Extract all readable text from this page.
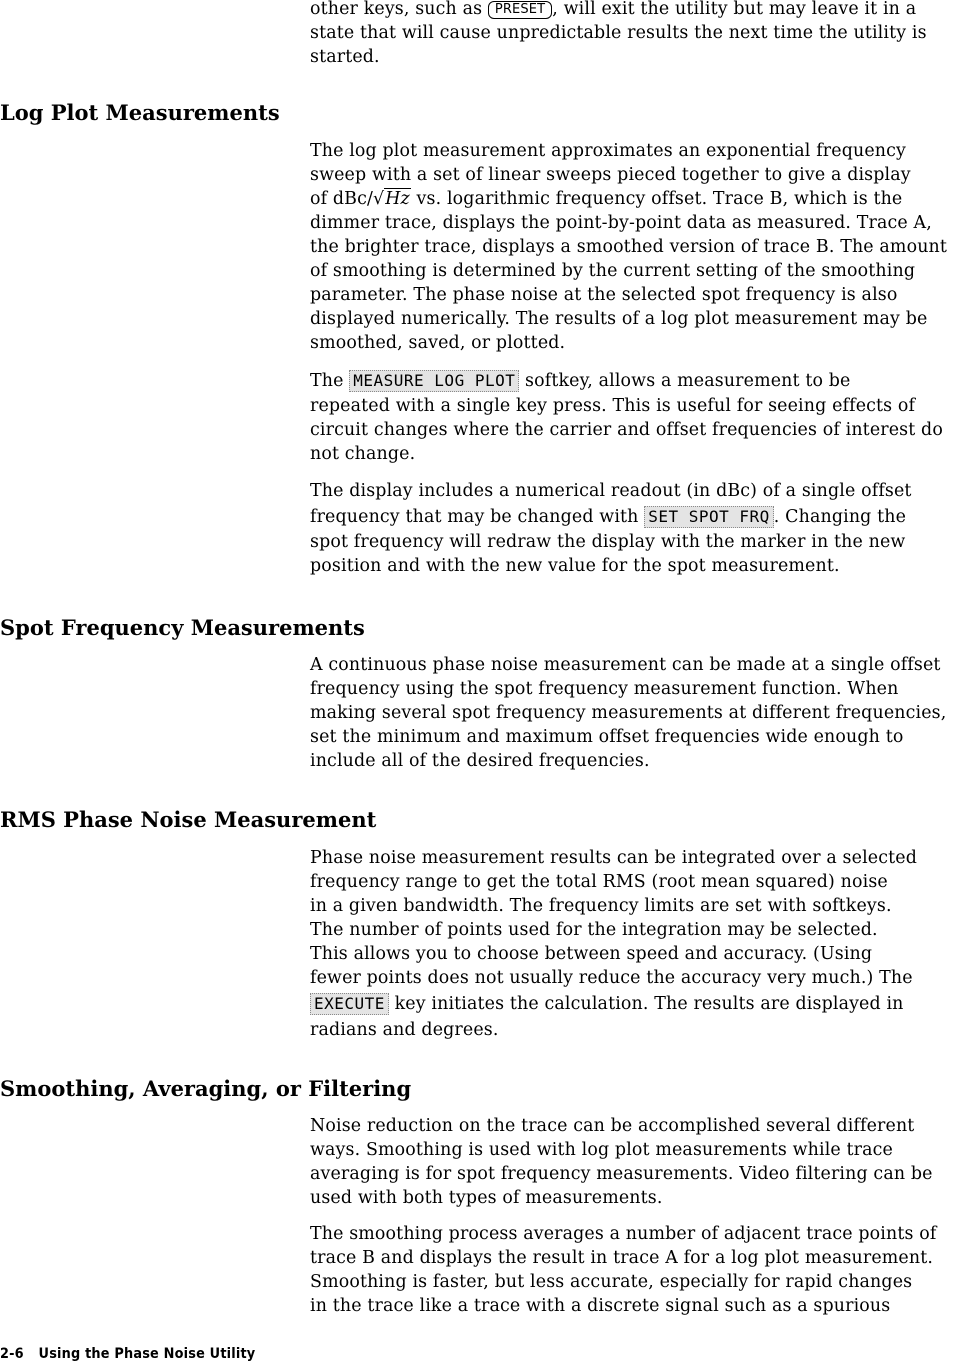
other keys, such as PRESET , will exit the utility but may leave it in a

state that will cause unpredictable results the next time the utility is

started.

Log Plot Measurements

The log plot measurement approximates an exponential frequency

sweep with a set of linear sweeps pieced together to give a display

of dBc/√Hz vs. logarithmic frequency offset. Trace B, which is the

dimmer trace, displays the point-by-point data as measured. Trace A,

the brighter trace, displays a smoothed version of trace B. The amount

of smoothing is determined by the current setting of the smoothing

parameter. The phase noise at the selected spot frequency is also

displayed numerically. The results of a log plot measurement may be

smoothed, saved, or plotted.

The MEASURE LOG PLOT softkey, allows a measurement to be

repeated with a single key press. This is useful for seeing effects of

circuit changes where the carrier and offset frequencies of interest do

not change.

The display includes a numerical readout (in dBc) of a single offset

frequency that may be changed with SET SPOT FRQ . Changing the

spot frequency will redraw the display with the marker in the new

position and with the new value for the spot measurement.

Spot Frequency Measurements

A continuous phase noise measurement can be made at a single offset

frequency using the spot frequency measurement function. When

making several spot frequency measurements at different frequencies,

set the minimum and maximum offset frequencies wide enough to

include all of the desired frequencies.

RMS Phase Noise Measurement

Phase noise measurement results can be integrated over a selected

frequency range to get the total RMS (root mean squared) noise

in a given bandwidth. The frequency limits are set with softkeys.

The number of points used for the integration may be selected.

This allows you to choose between speed and accuracy. (Using

fewer points does not usually reduce the accuracy very much.) The

EXECUTE key initiates the calculation. The results are displayed in

radians and degrees.

Smoothing, Averaging, or Filtering

Noise reduction on the trace can be accomplished several different

ways. Smoothing is used with log plot measurements while trace

averaging is for spot frequency measurements. Video filtering can be

used with both types of measurements.

The smoothing process averages a number of adjacent trace points of

trace B and displays the result in trace A for a log plot measurement.

Smoothing is faster, but less accurate, especially for rapid changes

in the trace like a trace with a discrete signal such as a spurious

2-6 Using the Phase Noise Utility
